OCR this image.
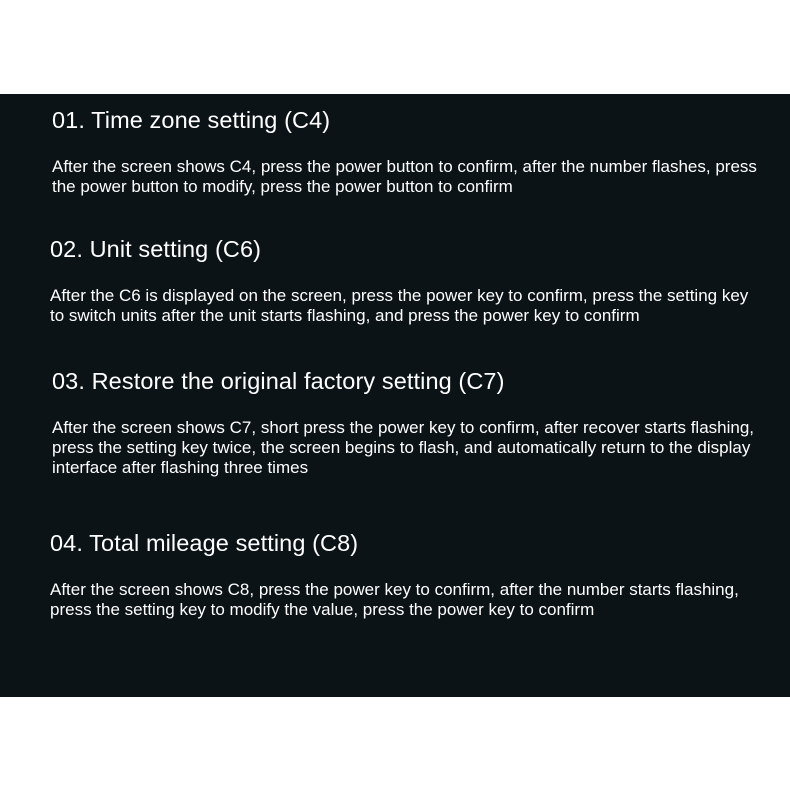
01. Time zone setting (C4)

After the screen shows C4, press the power button to confirm, after the number flashes, press the power button to modify, press the power button to confirm

02. Unit setting (C6)

After the C6 is displayed on the screen, press the power key to confirm, press the setting key to switch units after the unit starts flashing, and press the power key to confirm

03. Restore the original factory setting (C7)

After the screen shows C7, short press the power key to confirm, after recover starts flashing, press the setting key twice, the screen begins to flash, and automatically return to the display interface after flashing three times

04. Total mileage setting (C8)

After the screen shows C8, press the power key to confirm, after the number starts flashing, press the setting key to modify the value, press the power key to confirm
